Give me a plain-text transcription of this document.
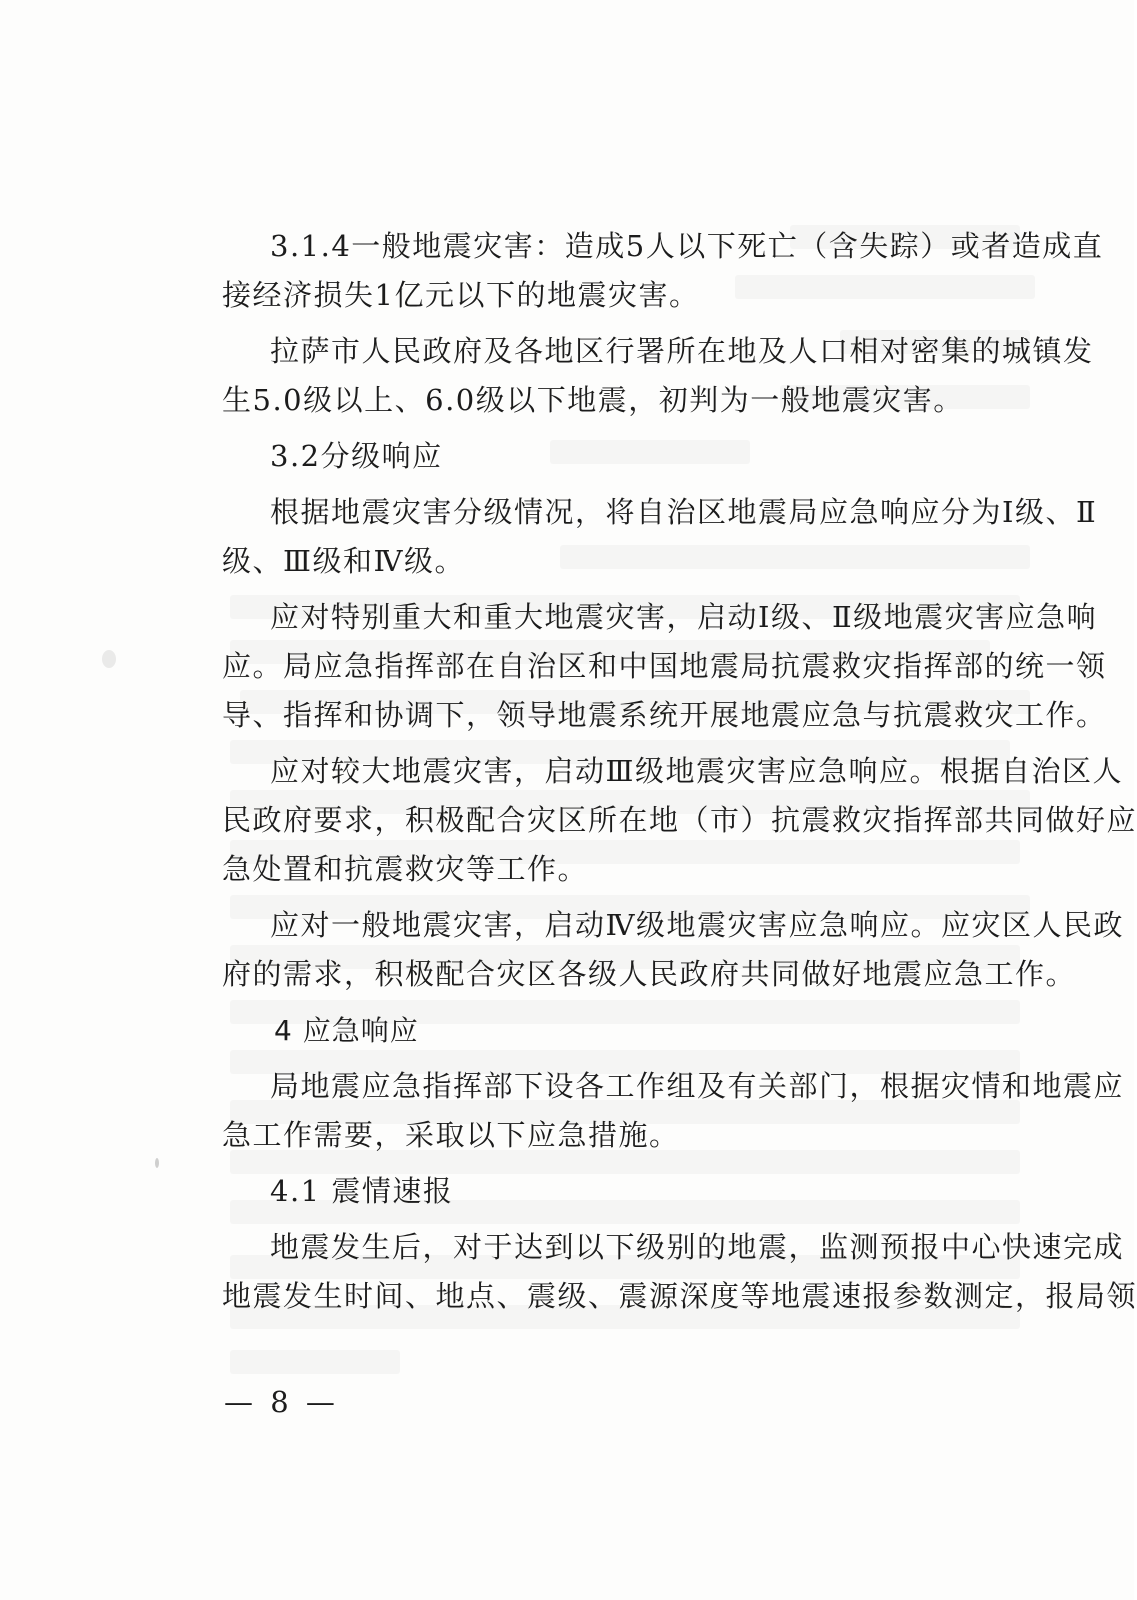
3.1.4一般地震灾害：造成5人以下死亡（含失踪）或者造成直
接经济损失1亿元以下的地震灾害。
拉萨市人民政府及各地区行署所在地及人口相对密集的城镇发
生5.0级以上、6.0级以下地震，初判为一般地震灾害。
3.2分级响应
根据地震灾害分级情况，将自治区地震局应急响应分为Ⅰ级、Ⅱ
级、Ⅲ级和Ⅳ级。
应对特别重大和重大地震灾害，启动Ⅰ级、Ⅱ级地震灾害应急响
应。局应急指挥部在自治区和中国地震局抗震救灾指挥部的统一领
导、指挥和协调下，领导地震系统开展地震应急与抗震救灾工作。
应对较大地震灾害，启动Ⅲ级地震灾害应急响应。根据自治区人
民政府要求，积极配合灾区所在地（市）抗震救灾指挥部共同做好应
急处置和抗震救灾等工作。
应对一般地震灾害，启动Ⅳ级地震灾害应急响应。应灾区人民政
府的需求，积极配合灾区各级人民政府共同做好地震应急工作。
4 应急响应
局地震应急指挥部下设各工作组及有关部门，根据灾情和地震应
急工作需要，采取以下应急措施。
4.1 震情速报
地震发生后，对于达到以下级别的地震，监测预报中心快速完成
地震发生时间、地点、震级、震源深度等地震速报参数测定，报局领
— 8 —
